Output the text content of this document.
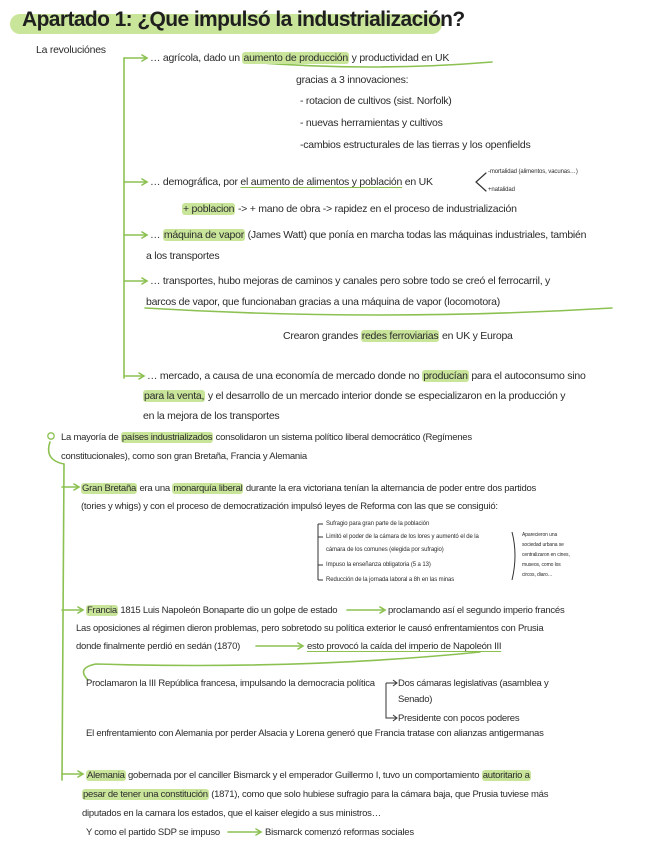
Apartado 1: ¿Que impulsó la industrialización?
La revoluciónes
… agrícola, dado un aumento de producción y productividad en UK
gracias a 3 innovaciones:
- rotacion de cultivos (sist. Norfolk)
- nuevas herramientas y cultivos
-cambios estructurales de las tierras y los openfields
… demográfica, por el aumento de alimentos y población en UK
-mortalidad (alimentos, vacunas…)
+natalidad
+ poblacion -> + mano de obra -> rapidez en el proceso de industrialización
… máquina de vapor (James Watt) que ponía en marcha todas las máquinas industriales, también
a los transportes
… transportes, hubo mejoras de caminos y canales pero sobre todo se creó el ferrocarril, y
barcos de vapor, que funcionaban gracias a una máquina de vapor (locomotora)
Crearon grandes redes ferroviarias en UK y Europa
… mercado, a causa de una economía de mercado donde no producían para el autoconsumo sino
para la venta, y el desarrollo de un mercado interior donde se especializaron en la producción y
en la mejora de los transportes
La mayoría de países industrializados consolidaron un sistema político liberal democrático (Regímenes
constitucionales), como son gran Bretaña, Francia y Alemania
Gran Bretaña era una monarquía liberal durante la era victoriana tenían la alternancia de poder entre dos partidos
(tories y whigs) y con el proceso de democratización impulsó leyes de Reforma con las que se consiguió:
Sufragio para gran parte de la población
Limitó el poder de la cámara de los lores y aumentó el de la
cámara de los comunes (elegida por sufragio)
Impuso la enseñanza obligatoria (5 a 13)
Reducción de la jornada laboral a 8h en las minas
Aparecieron una
sociedad urbana se
centralizaron en cines,
museos, como los
circos, diaro…
Francia 1815 Luis Napoleón Bonaparte dio un golpe de estado	proclamando así el segundo imperio francés
Las oposiciones al régimen dieron problemas, pero sobretodo su política exterior le causó enfrentamientos con Prusia
donde finalmente perdió en sedán (1870)	esto provocó la caída del imperio de Napoleón III
Proclamaron la III República francesa, impulsando la democracia política Dos cámaras legislativas (asamblea y
Senado)
Presidente con pocos poderes
El enfrentamiento con Alemania por perder Alsacia y Lorena generó que Francia tratase con alianzas antigermanas
Alemania gobernada por el canciller Bismarck y el emperador Guillermo I, tuvo un comportamiento autoritario a
pesar de tener una constitución (1871), como que solo hubiese sufragio para la cámara baja, que Prusia tuviese más
diputados en la camara los estados, que el kaiser elegido a sus ministros…
Y como el partido SDP se impuso	Bismarck comenzó reformas sociales
